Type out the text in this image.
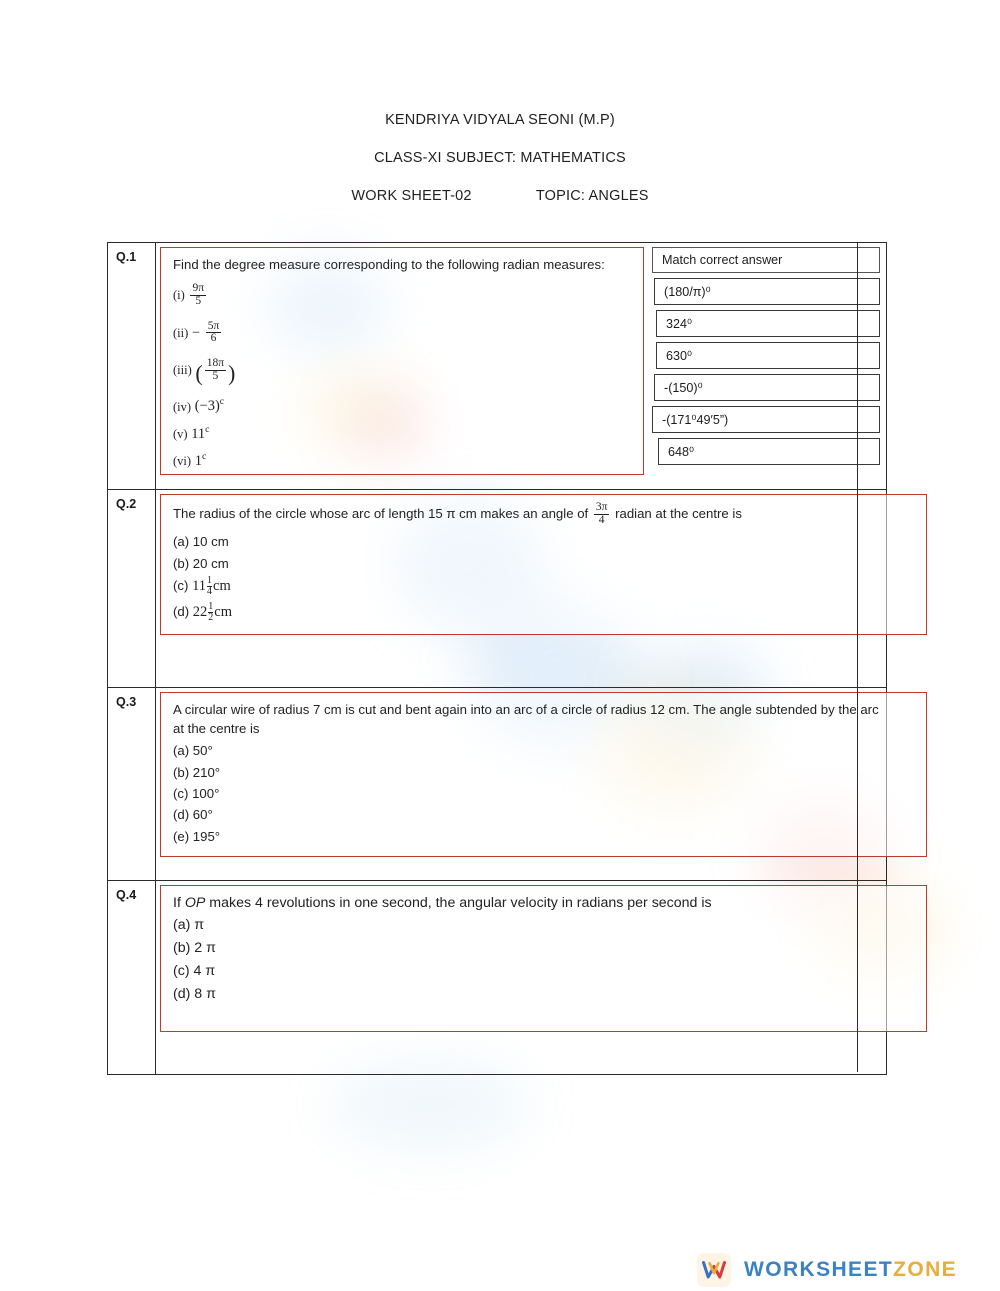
KENDRIYA VIDYALA SEONI (M.P)
CLASS-XI SUBJECT: MATHEMATICS
WORK SHEET-02	TOPIC: ANGLES
Q.1	Find the degree measure corresponding to the following radian measures:
$(i) \frac{9\pi}{5}$
$(ii) - \frac{5\pi}{6}$
(iii) ( $\frac{18\pi}{5}$ )
(iv) $(-3)^c$
(v) 11$^c$
(vi) 1$^c$
Match correct answer
(180/π)⁰
324⁰
630⁰
-(150)⁰
-(171⁰49′5”)
648⁰
Q.2
The radius of the circle whose arc of length 15 π cm makes an angle of $\frac{3\pi}{4}$ radian at the centre is
(a) 10 cm
(b) 20 cm
(c) $11 \frac{1}{4}$ cm
(d) $22 \frac{1}{2}$ cm
Q.3	A circular wire of radius 7 cm is cut and bent again into an arc of a circle of radius 12 cm. The angle subtended by the arc at the centre is
(a) 50°
(b) 210°
(c) 100°
(d) 60°
(e) 195°
Q.4	If OP makes 4 revolutions in one second, the angular velocity in radians per second is
(a) π
(b) 2 π
(c) 4 π
(d) 8 π
WORKSHEETZONE
